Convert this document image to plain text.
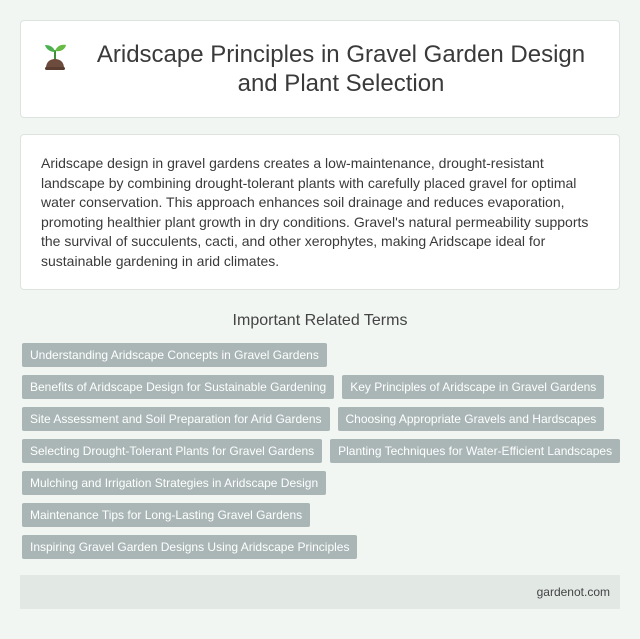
Aridscape Principles in Gravel Garden Design and Plant Selection

Aridscape design in gravel gardens creates a low-maintenance, drought-resistant landscape by combining drought-tolerant plants with carefully placed gravel for optimal water conservation. This approach enhances soil drainage and reduces evaporation, promoting healthier plant growth in dry conditions. Gravel's natural permeability supports the survival of succulents, cacti, and other xerophytes, making Aridscape ideal for sustainable gardening in arid climates.

Important Related Terms
Understanding Aridscape Concepts in Gravel Gardens
Benefits of Aridscape Design for Sustainable Gardening	Key Principles of Aridscape in Gravel Gardens
Site Assessment and Soil Preparation for Arid Gardens	Choosing Appropriate Gravels and Hardscapes
Selecting Drought-Tolerant Plants for Gravel Gardens	Planting Techniques for Water-Efficient Landscapes
Mulching and Irrigation Strategies in Aridscape Design
Maintenance Tips for Long-Lasting Gravel Gardens
Inspiring Gravel Garden Designs Using Aridscape Principles
gardenot.com
